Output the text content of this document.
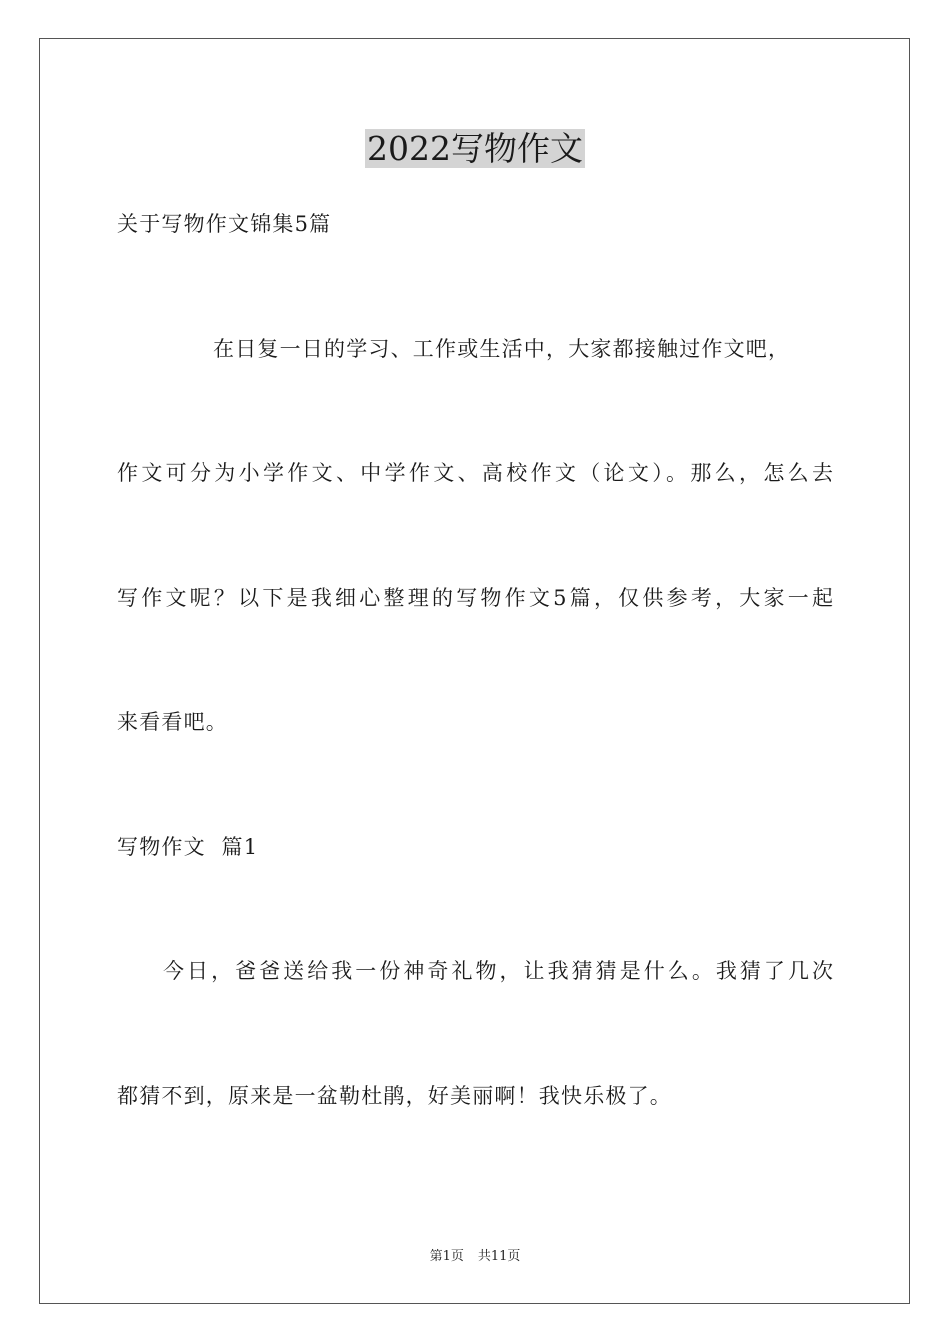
2022写物作文

关于写物作文锦集5篇

在日复一日的学习、工作或生活中，大家都接触过作文吧，

作文可分为小学作文、中学作文、高校作文（论文）。那么，怎么去

写作文呢？以下是我细心整理的写物作文5篇，仅供参考，大家一起

来看看吧。

写物作文  篇1

今日，爸爸送给我一份神奇礼物，让我猜猜是什么。我猜了几次

都猜不到，原来是一盆勒杜鹃，好美丽啊！我快乐极了。

第1页 共11页
